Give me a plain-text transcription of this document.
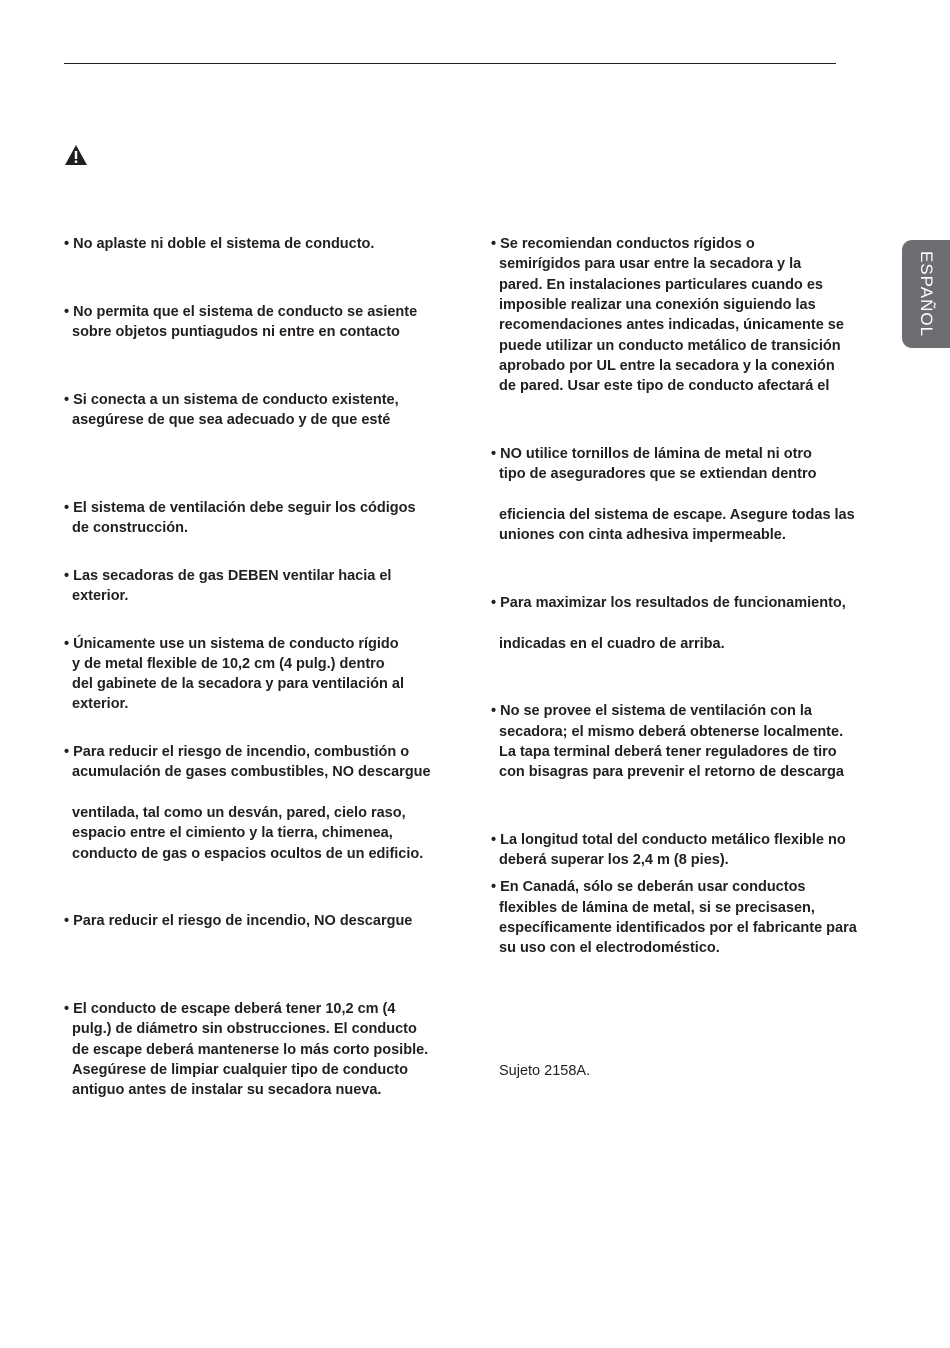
ESPAÑOL
• No aplaste ni doble el sistema de conducto.
• No permita que el sistema de conducto se asiente
sobre objetos puntiagudos ni entre en contacto
• Si conecta a un sistema de conducto existente,
asegúrese de que sea adecuado y de que esté
• El sistema de ventilación debe seguir los códigos
de construcción.
• Las secadoras de gas DEBEN ventilar hacia el
exterior.
• Únicamente use un sistema de conducto rígido
y de metal flexible de 10,2 cm (4 pulg.) dentro
del gabinete de la secadora y para ventilación al
exterior.
• Para reducir el riesgo de incendio, combustión o
acumulación de gases combustibles, NO descargue
ventilada, tal como un desván, pared, cielo raso,
espacio entre el cimiento y la tierra, chimenea,
conducto de gas o espacios ocultos de un edificio.
• Para reducir el riesgo de incendio, NO descargue
• El conducto de escape deberá tener 10,2 cm (4
pulg.) de diámetro sin obstrucciones. El conducto
de escape deberá mantenerse lo más corto posible.
Asegúrese de limpiar cualquier tipo de conducto
antiguo antes de instalar su secadora nueva.
• Se recomiendan conductos rígidos o
semirígidos para usar entre la secadora y la
pared. En instalaciones particulares cuando es
imposible realizar una conexión siguiendo las
recomendaciones antes indicadas, únicamente se
puede utilizar un conducto metálico de transición
aprobado por UL entre la secadora y la conexión
de pared. Usar este tipo de conducto afectará el
• NO utilice tornillos de lámina de metal ni otro
tipo de aseguradores que se extiendan dentro
eficiencia del sistema de escape. Asegure todas las
uniones con cinta adhesiva impermeable.
• Para maximizar los resultados de funcionamiento,
indicadas en el cuadro de arriba.
• No se provee el sistema de ventilación con la
secadora; el mismo deberá obtenerse localmente.
La tapa terminal deberá tener reguladores de tiro
con bisagras para prevenir el retorno de descarga
• La longitud total del conducto metálico flexible no
deberá superar los 2,4 m (8 pies).
• En Canadá, sólo se deberán usar conductos
flexibles de lámina de metal, si se precisasen,
específicamente identificados por el fabricante para
su uso con el electrodoméstico.
Sujeto 2158A.
